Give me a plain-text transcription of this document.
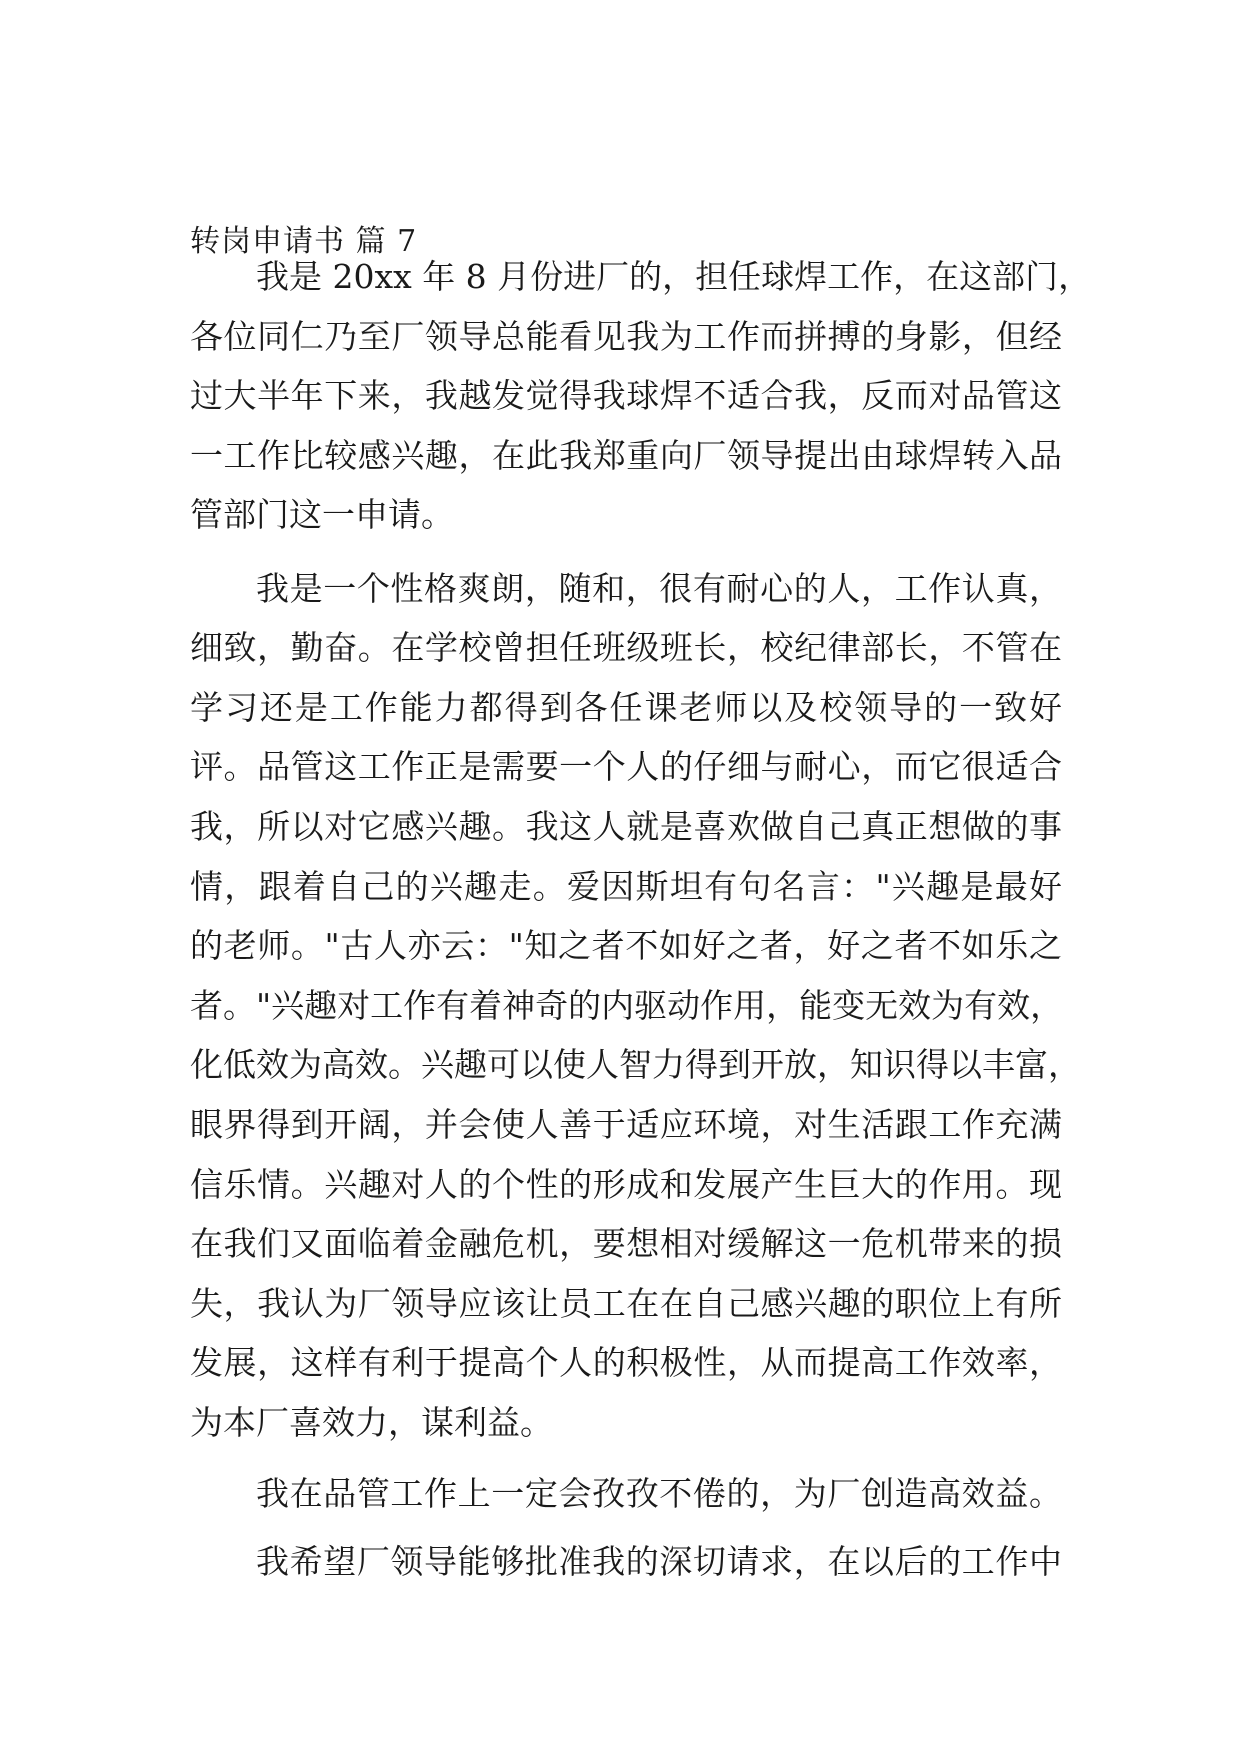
转岗申请书 篇 7
我是 20xx 年 8 月份进厂的，担任球焊工作，在这部门，
各位同仁乃至厂领导总能看见我为工作而拼搏的身影，但经
过大半年下来，我越发觉得我球焊不适合我，反而对品管这
一工作比较感兴趣，在此我郑重向厂领导提出由球焊转入品
管部门这一申请。
我是一个性格爽朗，随和，很有耐心的人，工作认真，
细致，勤奋。在学校曾担任班级班长，校纪律部长，不管在
学习还是工作能力都得到各任课老师以及校领导的一致好
评。品管这工作正是需要一个人的仔细与耐心，而它很适合
我，所以对它感兴趣。我这人就是喜欢做自己真正想做的事
情，跟着自己的兴趣走。爱因斯坦有句名言："兴趣是最好
的老师。"古人亦云："知之者不如好之者，好之者不如乐之
者。"兴趣对工作有着神奇的内驱动作用，能变无效为有效，
化低效为高效。兴趣可以使人智力得到开放，知识得以丰富，
眼界得到开阔，并会使人善于适应环境，对生活跟工作充满
信乐情。兴趣对人的个性的形成和发展产生巨大的作用。现
在我们又面临着金融危机，要想相对缓解这一危机带来的损
失，我认为厂领导应该让员工在在自己感兴趣的职位上有所
发展，这样有利于提高个人的积极性，从而提高工作效率，
为本厂喜效力，谋利益。
我在品管工作上一定会孜孜不倦的，为厂创造高效益。
我希望厂领导能够批准我的深切请求，在以后的工作中
